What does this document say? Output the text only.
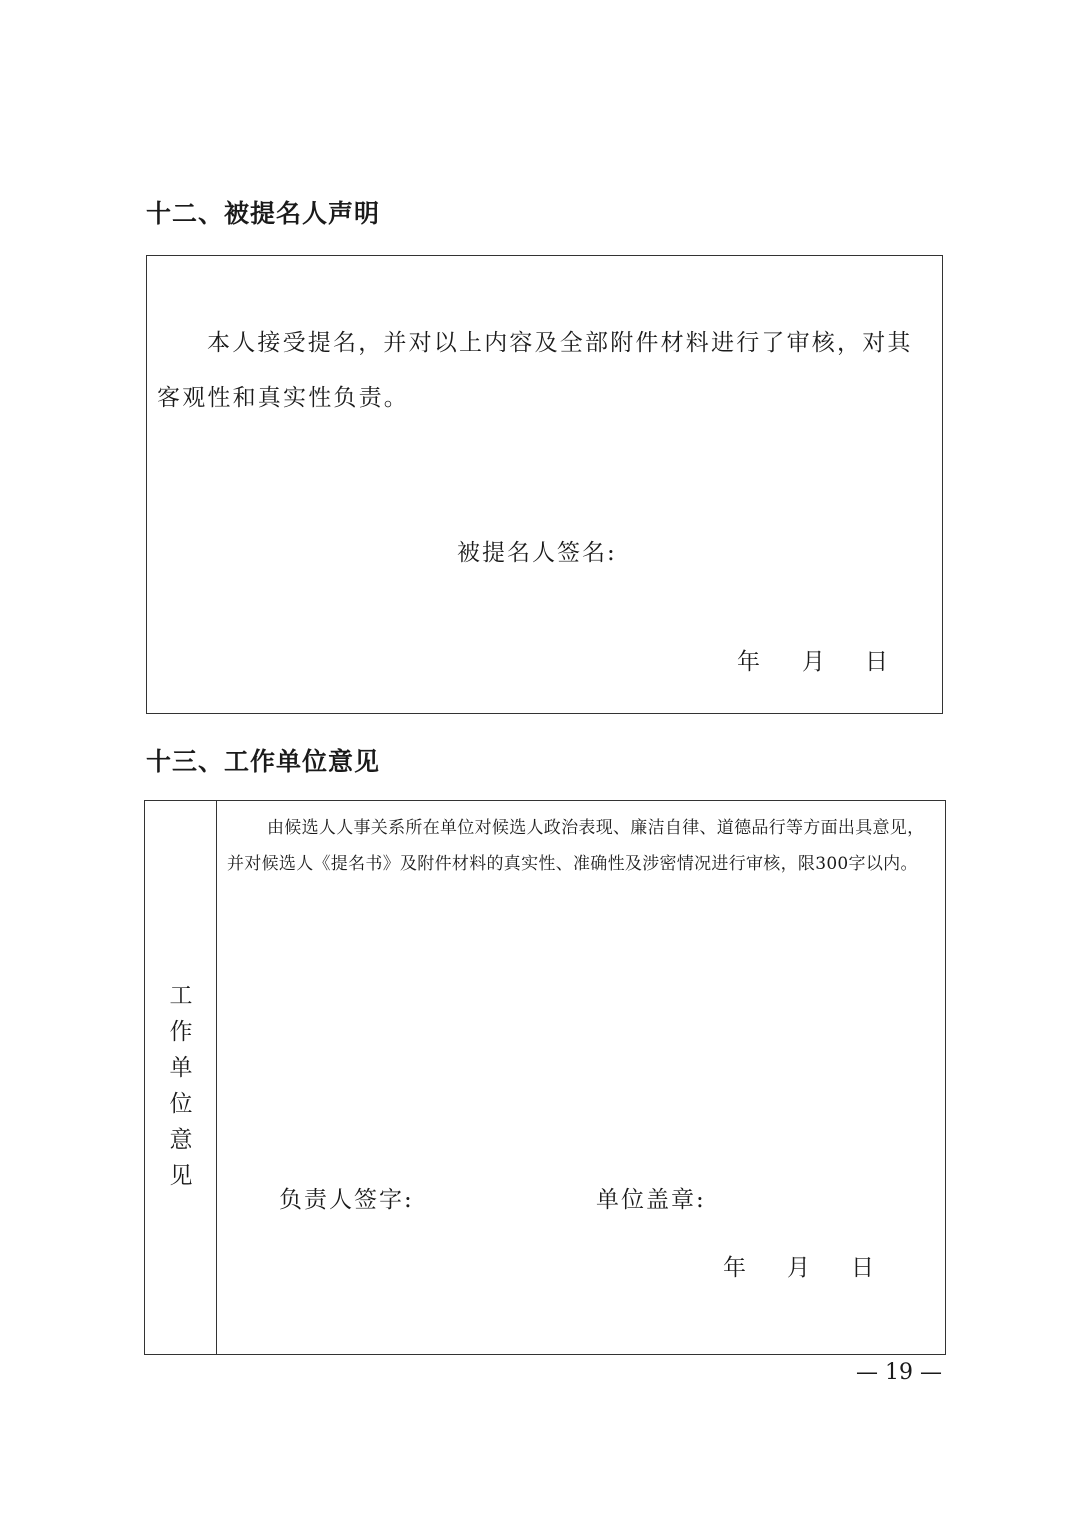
十二、被提名人声明

本人接受提名，并对以上内容及全部附件材料进行了审核，对其客观性和真实性负责。

被提名人签名:
年 月 日
十三、工作单位意见
工
作
单
位
意
见

由候选人人事关系所在单位对候选人政治表现、廉洁自律、道德品行等方面出具意见，并对候选人《提名书》及附件材料的真实性、准确性及涉密情况进行审核，限300字以内。

负责人签字:	单位盖章:
年 月 日
— 19 —
